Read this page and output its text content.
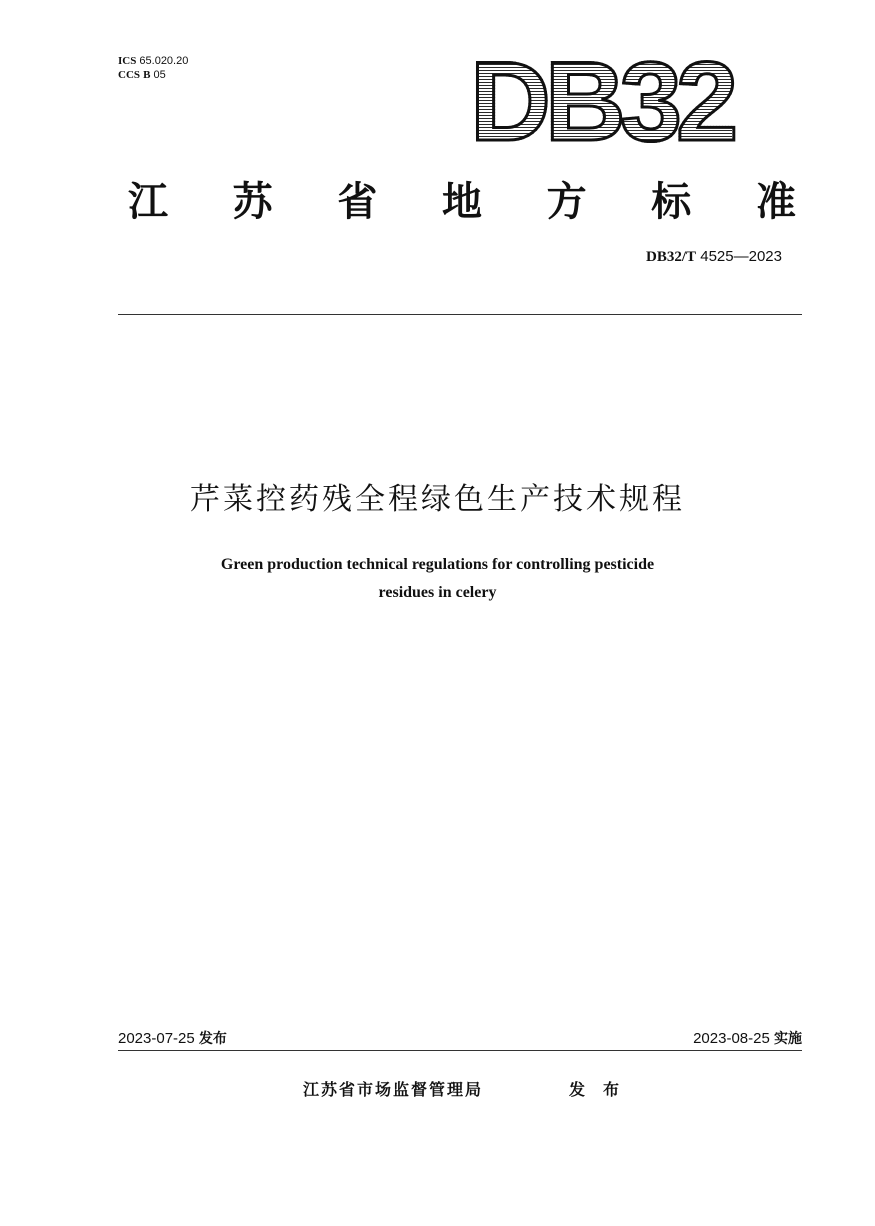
ICS 65.020.20
CCS B 05	DB32
江 苏 省 地 方 标 准
DB32/T 4525—2023
芹菜控药残全程绿色生产技术规程
Green production technical regulations for controlling pesticide
residues in celery
2023-07-25 发布	2023-08-25 实施
江苏省市场监督管理局	发布
